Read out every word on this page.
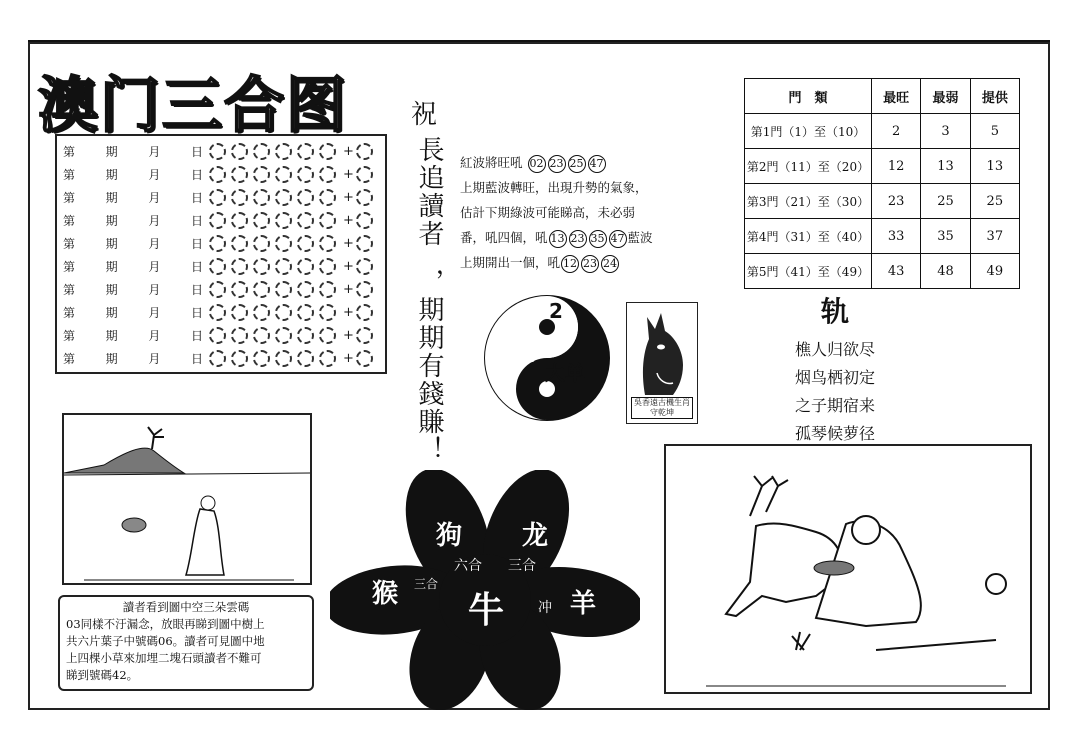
澳门三合图
第	期	月	日	+
第	期	月	日	+
第	期	月	日	+
第	期	月	日	+
第	期	月	日	+
第	期	月	日	+
第	期	月	日	+
第	期	月	日	+
第	期	月	日	+
第	期	月	日	+
祝
長追讀者
，期期有錢賺！
紅波將旺吼 02 23 25 47
上期藍波轉旺，出現升勢的氣象，
估計下期綠波可能睇高，未必弱
番，吼四個，吼 13 23 35 47 藍波
上期開出一個，吼 12 23 24
門　類	最旺	最弱	提供
第1門（1）至（10）	2	3	5
第2門（11）至（20）	12	13	13
第3門（21）至（30）	23	25	25
第4門（31）至（40）	33	35	37
第5門（41）至（49）	43	48	49
轨
樵人归欲尽
烟鸟栖初定
之子期宿来
孤琴候萝径
虎
2
9
大单
吳香遠古機生肖守乾坤
讀者看到圖中空三朵雲碼
03同樣不汙漏念，放眼再睇到圖中樹上
共六片葉子中號碼06。讀者可見圖中地
上四棵小草來加埋二塊石頭讀者不難可
睇到號碼42。
狗 龙
猴	羊
牛
六合 三合
三合
冲
